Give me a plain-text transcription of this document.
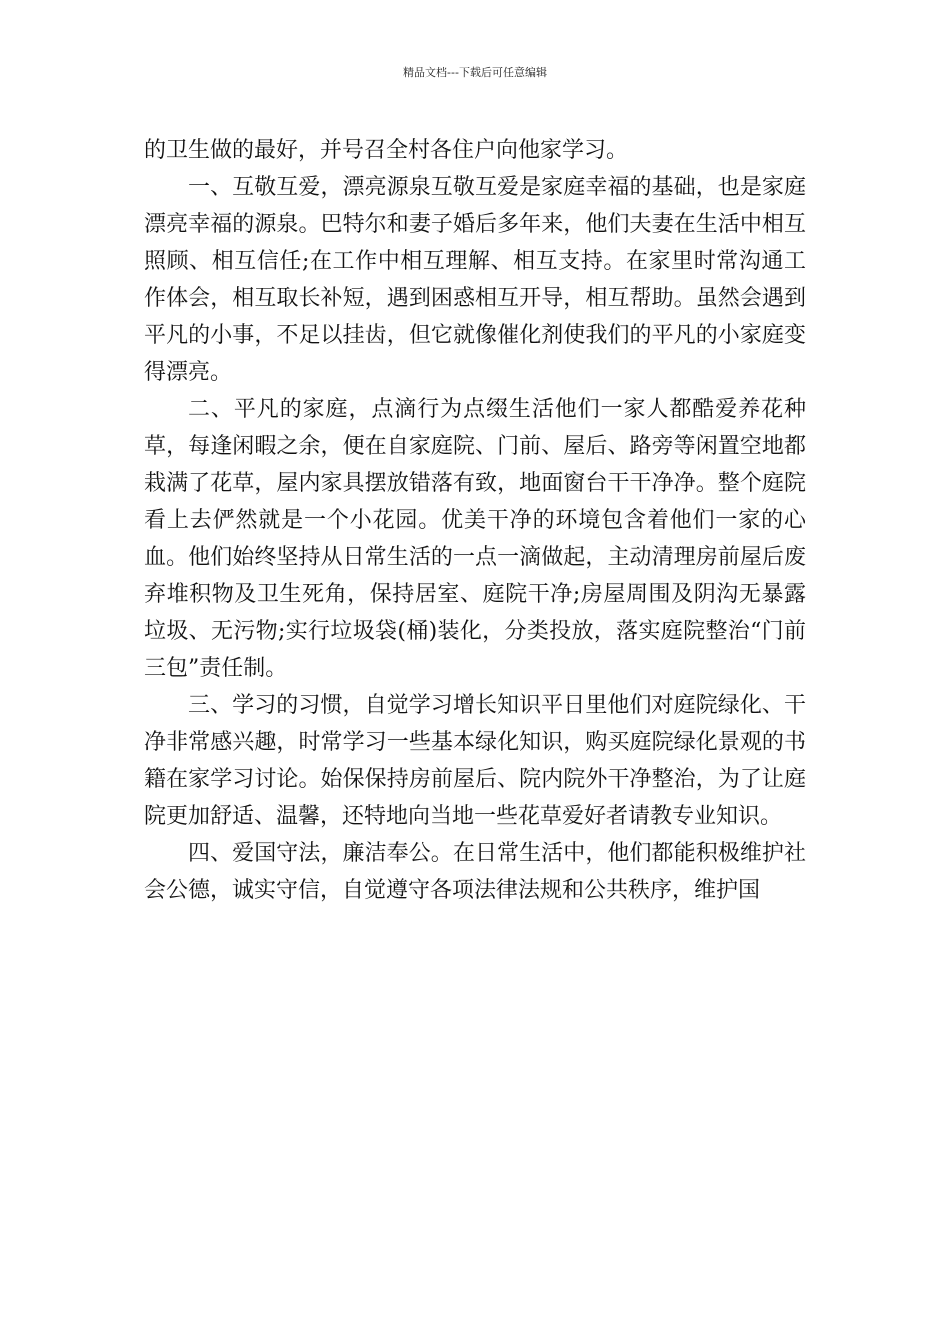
精品文档---下载后可任意编辑

的卫生做的最好，并号召全村各住户向他家学习。

一、互敬互爱，漂亮源泉互敬互爱是家庭幸福的基础，也是家庭漂亮幸福的源泉。巴特尔和妻子婚后多年来，他们夫妻在生活中相互照顾、相互信任;在工作中相互理解、相互支持。在家里时常沟通工作体会，相互取长补短，遇到困惑相互开导，相互帮助。虽然会遇到平凡的小事，不足以挂齿，但它就像催化剂使我们的平凡的小家庭变得漂亮。

二、平凡的家庭，点滴行为点缀生活他们一家人都酷爱养花种草，每逢闲暇之余，便在自家庭院、门前、屋后、路旁等闲置空地都栽满了花草，屋内家具摆放错落有致，地面窗台干干净净。整个庭院看上去俨然就是一个小花园。优美干净的环境包含着他们一家的心血。他们始终坚持从日常生活的一点一滴做起，主动清理房前屋后废弃堆积物及卫生死角，保持居室、庭院干净;房屋周围及阴沟无暴露垃圾、无污物;实行垃圾袋(桶)装化，分类投放，落实庭院整治“门前三包”责任制。

三、学习的习惯，自觉学习增长知识平日里他们对庭院绿化、干净非常感兴趣，时常学习一些基本绿化知识，购买庭院绿化景观的书籍在家学习讨论。始保保持房前屋后、院内院外干净整治，为了让庭院更加舒适、温馨，还特地向当地一些花草爱好者请教专业知识。

四、爱国守法，廉洁奉公。在日常生活中，他们都能积极维护社会公德，诚实守信，自觉遵守各项法律法规和公共秩序，维护国
